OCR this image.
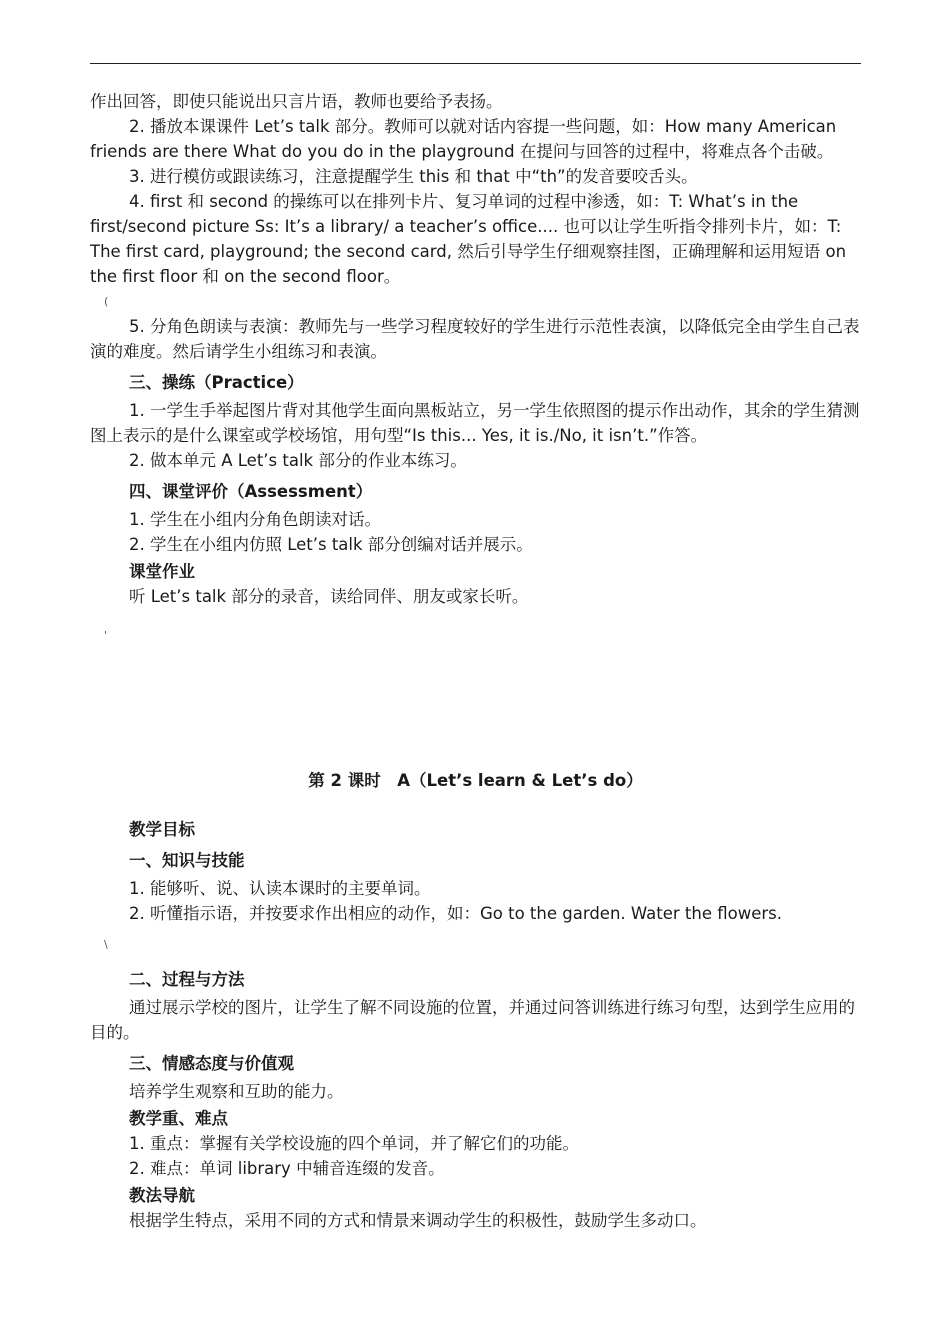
作出回答，即使只能说出只言片语，教师也要给予表扬。

2. 播放本课课件 Let’s talk 部分。教师可以就对话内容提一些问题，如：How many American friends are there What do you do in the playground 在提问与回答的过程中，将难点各个击破。

3. 进行模仿或跟读练习，注意提醒学生 this 和 that 中“th”的发音要咬舌头。

4. first 和 second 的操练可以在排列卡片、复习单词的过程中渗透，如：T: What’s in the first/second picture Ss: It’s a library/ a teacher’s office.... 也可以让学生听指令排列卡片，如：T: The first card, playground; the second card, 然后引导学生仔细观察挂图，正确理解和运用短语 on the first floor 和 on the second floor。

(

5. 分角色朗读与表演：教师先与一些学习程度较好的学生进行示范性表演，以降低完全由学生自己表演的难度。然后请学生小组练习和表演。

三、操练（Practice）

1. 一学生手举起图片背对其他学生面向黑板站立，另一学生依照图的提示作出动作，其余的学生猜测图上表示的是什么课室或学校场馆，用句型“Is this... Yes, it is./No, it isn’t.”作答。

2. 做本单元 A Let’s talk 部分的作业本练习。

四、课堂评价（Assessment）

1. 学生在小组内分角色朗读对话。

2. 学生在小组内仿照 Let’s talk 部分创编对话并展示。

课堂作业

听 Let’s talk 部分的录音，读给同伴、朋友或家长听。

'

第 2 课时　A（Let’s learn & Let’s do）

教学目标

一、知识与技能

1. 能够听、说、认读本课时的主要单词。

2. 听懂指示语，并按要求作出相应的动作，如：Go to the garden. Water the flowers.

\

二、过程与方法

通过展示学校的图片，让学生了解不同设施的位置，并通过问答训练进行练习句型，达到学生应用的目的。

三、情感态度与价值观

培养学生观察和互助的能力。

教学重、难点

1. 重点：掌握有关学校设施的四个单词，并了解它们的功能。

2. 难点：单词 library 中辅音连缀的发音。

教法导航

根据学生特点，采用不同的方式和情景来调动学生的积极性，鼓励学生多动口。
